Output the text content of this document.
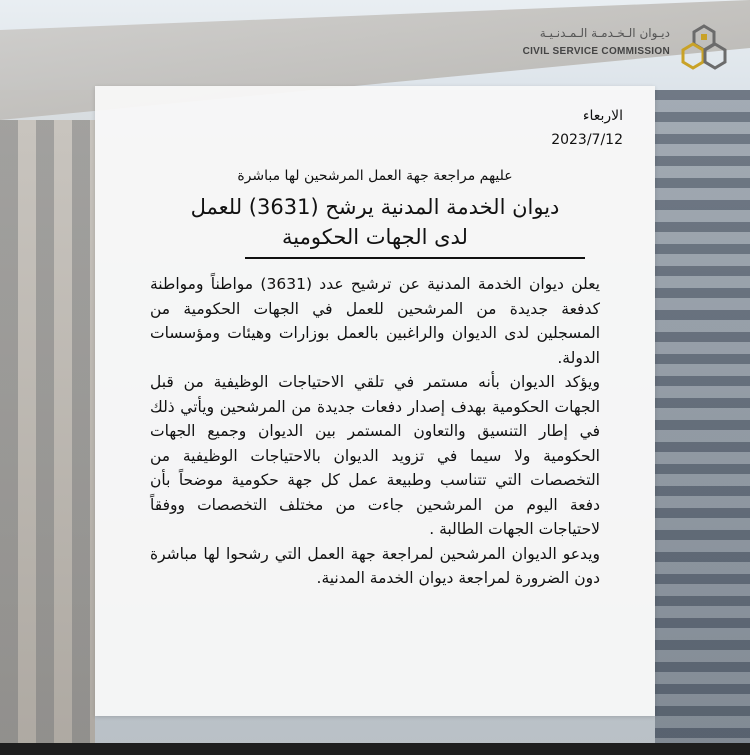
ديـوان الـخـدمـة الـمـدنـيـة
CIVIL SERVICE COMMISSION
الاربعاء
2023/7/12
عليهم مراجعة جهة العمل المرشحين لها مباشرة
ديوان الخدمة المدنية يرشح (3631) للعمل
لدى الجهات الحكومية

يعلن ديوان الخدمة المدنية عن ترشيح عدد (3631) مواطناً ومواطنة كدفعة جديدة من المرشحين للعمل في الجهات الحكومية من المسجلين لدى الديوان والراغبين بالعمل بوزارات وهيئات ومؤسسات الدولة.

ويؤكد الديوان بأنه مستمر في تلقي الاحتياجات الوظيفية من قبل الجهات الحكومية بهدف إصدار دفعات جديدة من المرشحين ويأتي ذلك في إطار التنسيق والتعاون المستمر بين الديوان وجميع الجهات الحكومية ولا سيما في تزويد الديوان بالاحتياجات الوظيفية من التخصصات التي تتناسب وطبيعة عمل كل جهة حكومية موضحاً بأن دفعة اليوم من المرشحين جاءت من مختلف التخصصات ووفقاً لاحتياجات الجهات الطالبة .

ويدعو الديوان المرشحين لمراجعة جهة العمل التي رشحوا لها مباشرة دون الضرورة لمراجعة ديوان الخدمة المدنية.
